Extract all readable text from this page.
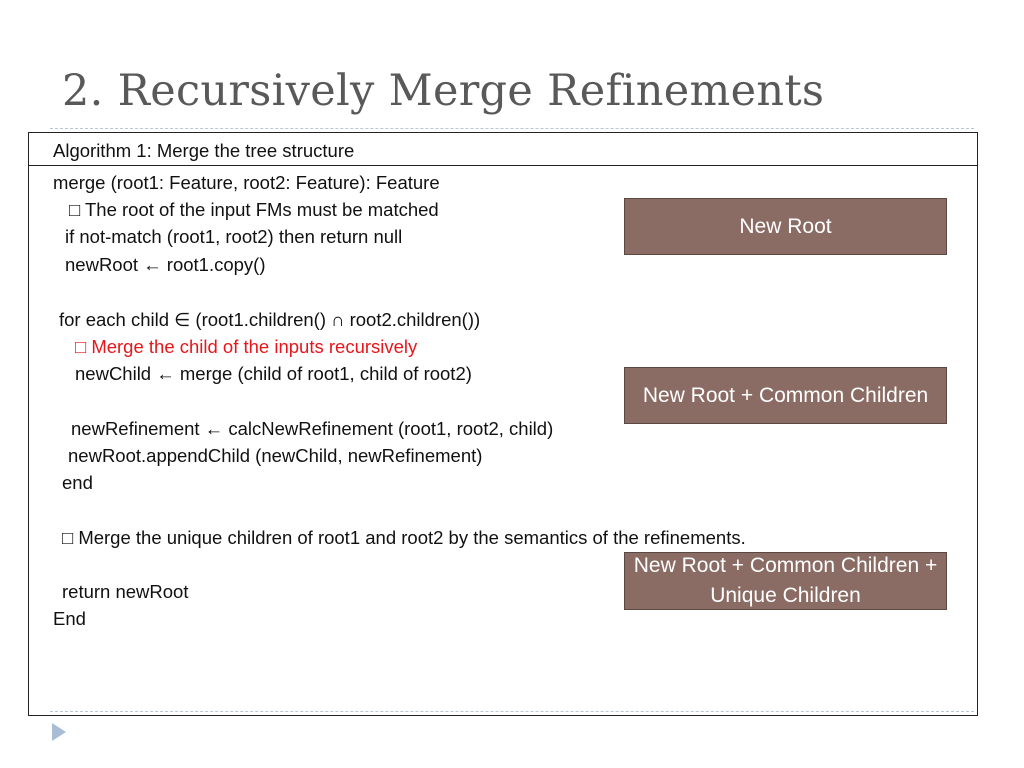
2. Recursively Merge Refinements
Algorithm 1: Merge the tree structure
merge (root1: Feature, root2: Feature): Feature
□ The root of the input FMs must be matched
if not-match (root1, root2) then return null
newRoot ← root1.copy()
for each child ∈ (root1.children() ∩ root2.children())
□ Merge the child of the inputs recursively
newChild ← merge (child of root1, child of root2)
newRefinement ← calcNewRefinement (root1, root2, child)
newRoot.appendChild (newChild, newRefinement)
end
□ Merge the unique children of root1 and root2 by the semantics of the refinements.
return newRoot
End
New Root
New Root + Common Children
New Root + Common Children + Unique Children
